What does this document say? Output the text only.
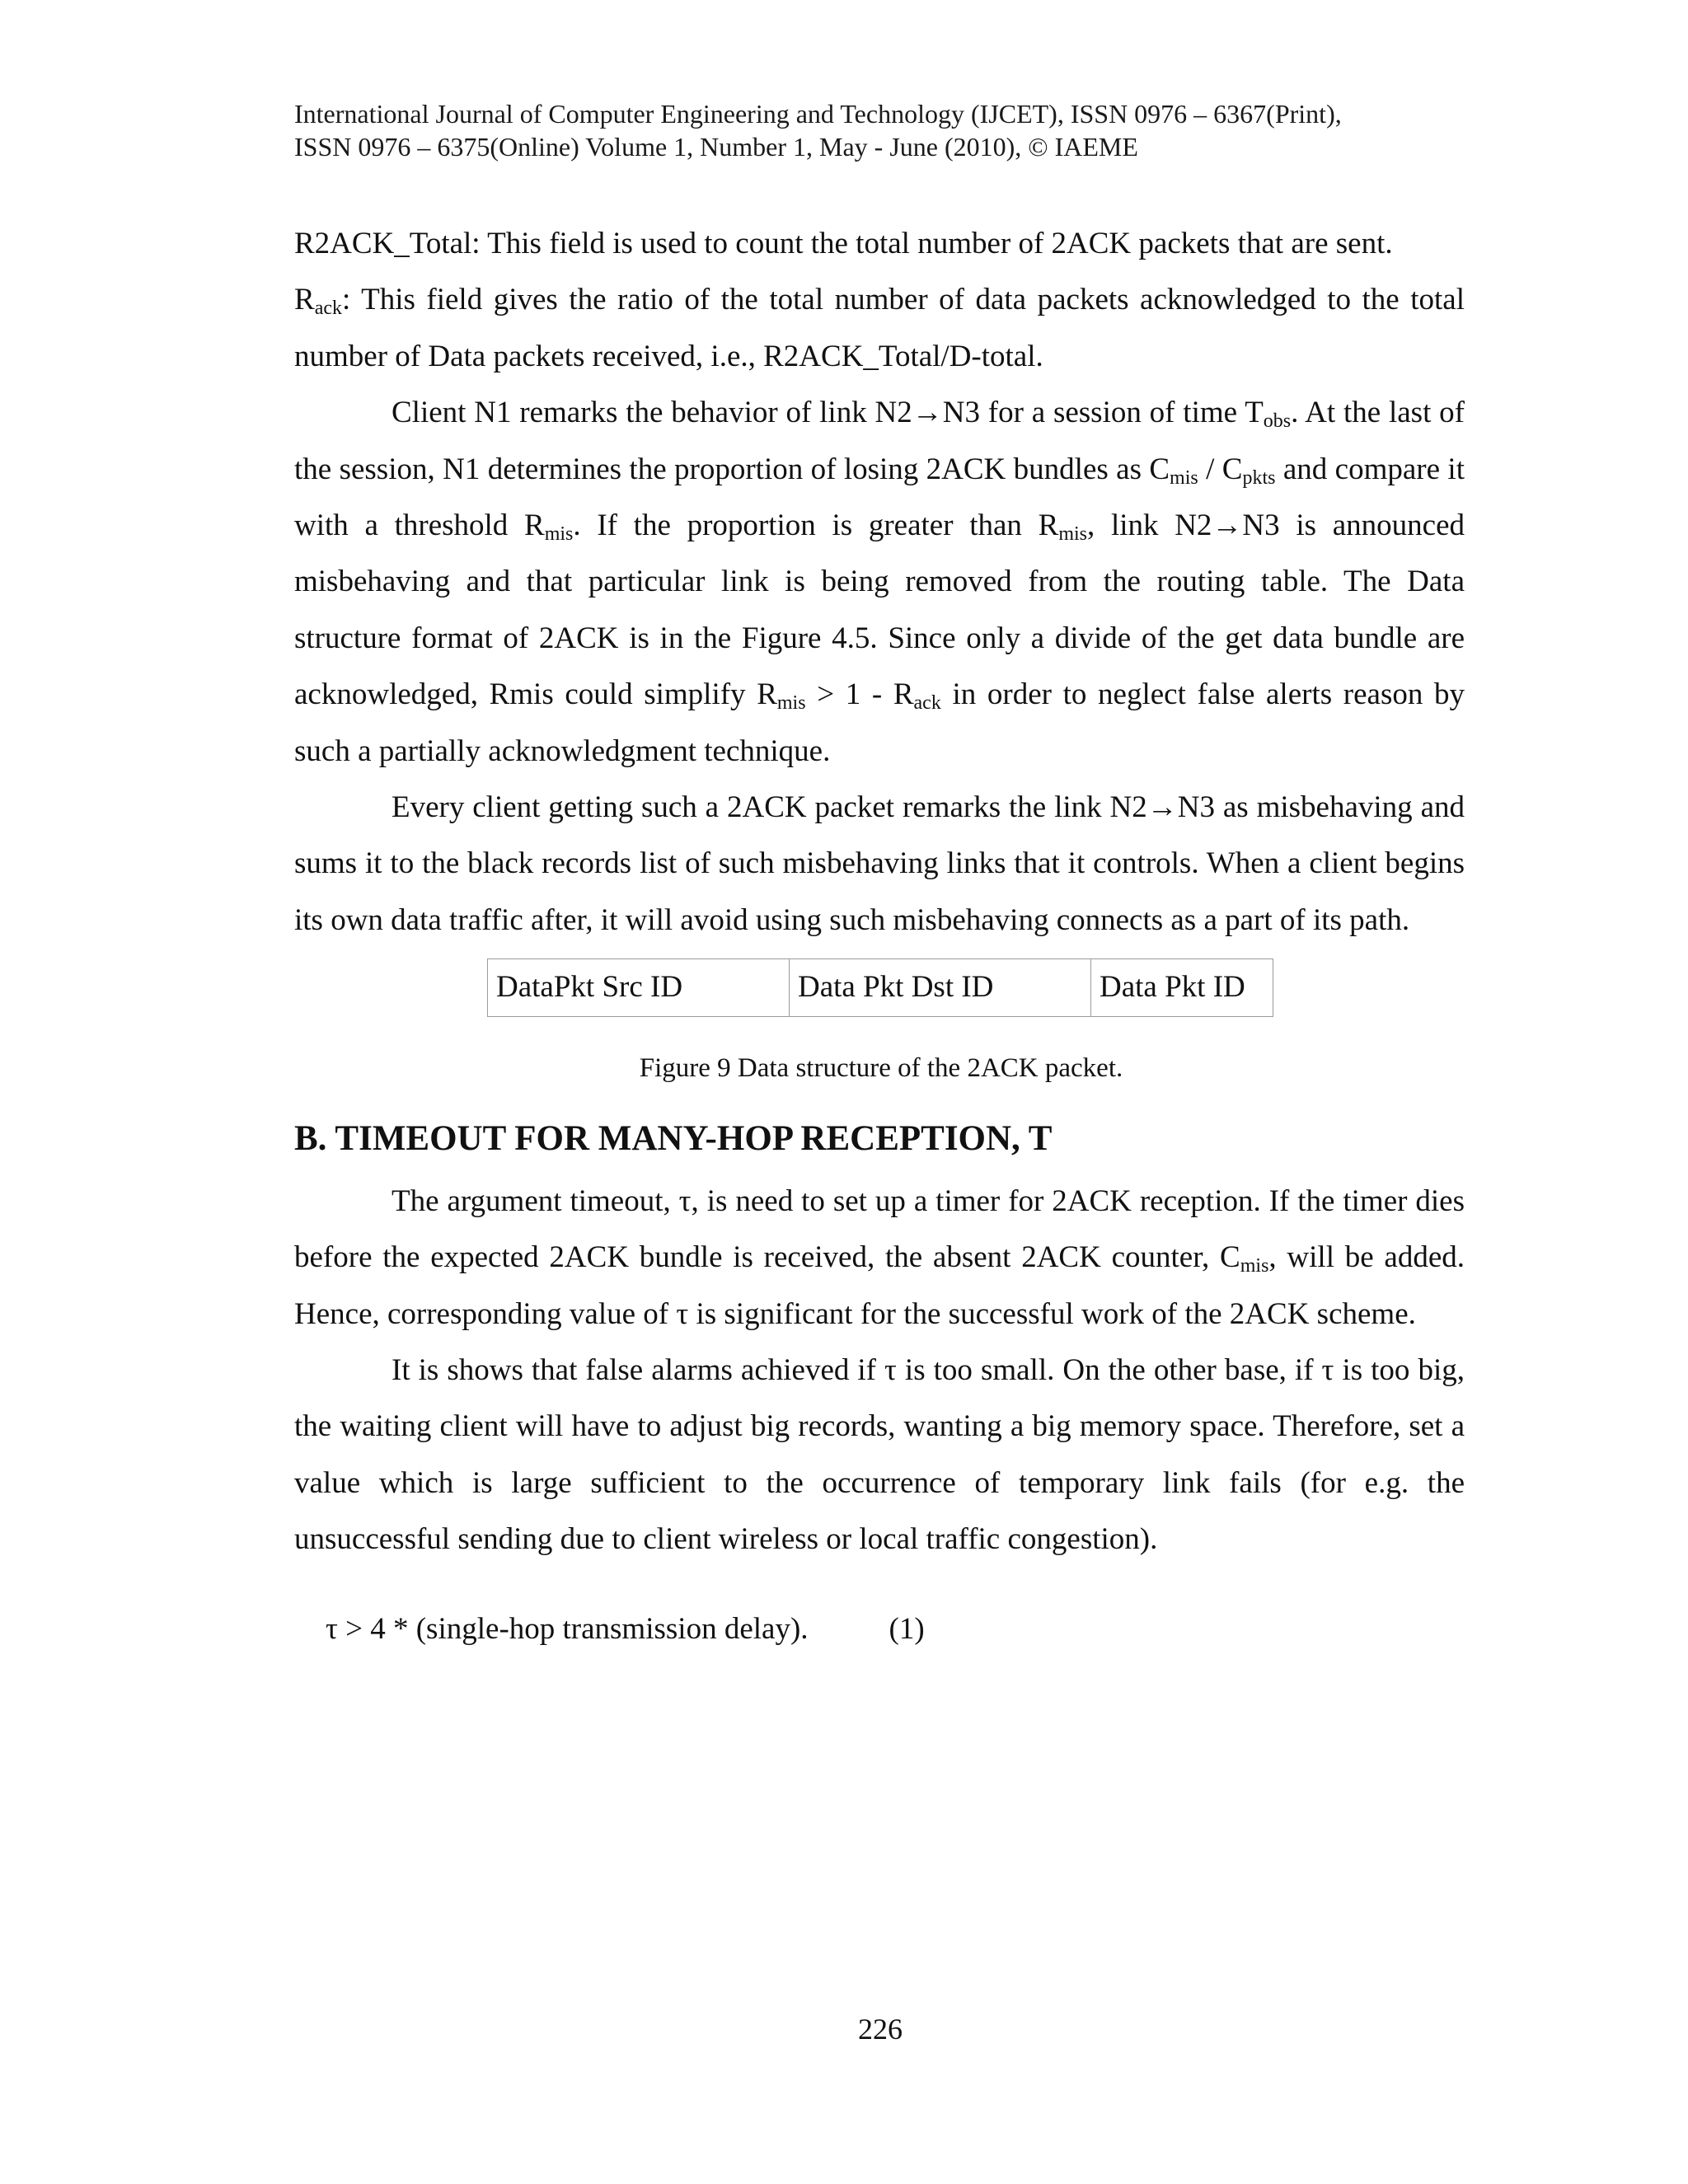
International Journal of Computer Engineering and Technology (IJCET), ISSN 0976 – 6367(Print),
ISSN 0976 – 6375(Online) Volume 1, Number 1, May - June (2010), © IAEME

R2ACK_Total: This field is used to count the total number of 2ACK packets that are sent.

$R_{ack}$: This field gives the ratio of the total number of data packets acknowledged to the total number of Data packets received, i.e., R2ACK_Total/D-total.

Client N1 remarks the behavior of link N2→N3 for a session of time $T_{obs}$. At the last of the session, N1 determines the proportion of losing 2ACK bundles as $C_{mis} / C_{pkts}$ and compare it with a threshold $R_{mis}$. If the proportion is greater than $R_{mis}$, link N2→N3 is announced misbehaving and that particular link is being removed from the routing table. The Data structure format of 2ACK is in the Figure 4.5. Since only a divide of the get data bundle are acknowledged, Rmis could simplify $R_{mis} > 1 - R_{ack}$ in order to neglect false alerts reason by such a partially acknowledgment technique.

Every client getting such a 2ACK packet remarks the link N2→N3 as misbehaving and sums it to the black records list of such misbehaving links that it controls. When a client begins its own data traffic after, it will avoid using such misbehaving connects as a part of its path.

DataPkt Src ID	Data Pkt Dst ID	Data Pkt ID
Figure 9 Data structure of the 2ACK packet.
B. TIMEOUT FOR MANY-HOP RECEPTION, T

The argument timeout, τ, is need to set up a timer for 2ACK reception. If the timer dies before the expected 2ACK bundle is received, the absent 2ACK counter, $C_{mis}$, will be added. Hence, corresponding value of τ is significant for the successful work of the 2ACK scheme.

It is shows that false alarms achieved if τ is too small. On the other base, if τ is too big, the waiting client will have to adjust big records, wanting a big memory space. Therefore, set a value which is large sufficient to the occurrence of temporary link fails (for e.g. the unsuccessful sending due to client wireless or local traffic congestion).

τ > 4 * (single-hop transmission delay).	(1)
226
